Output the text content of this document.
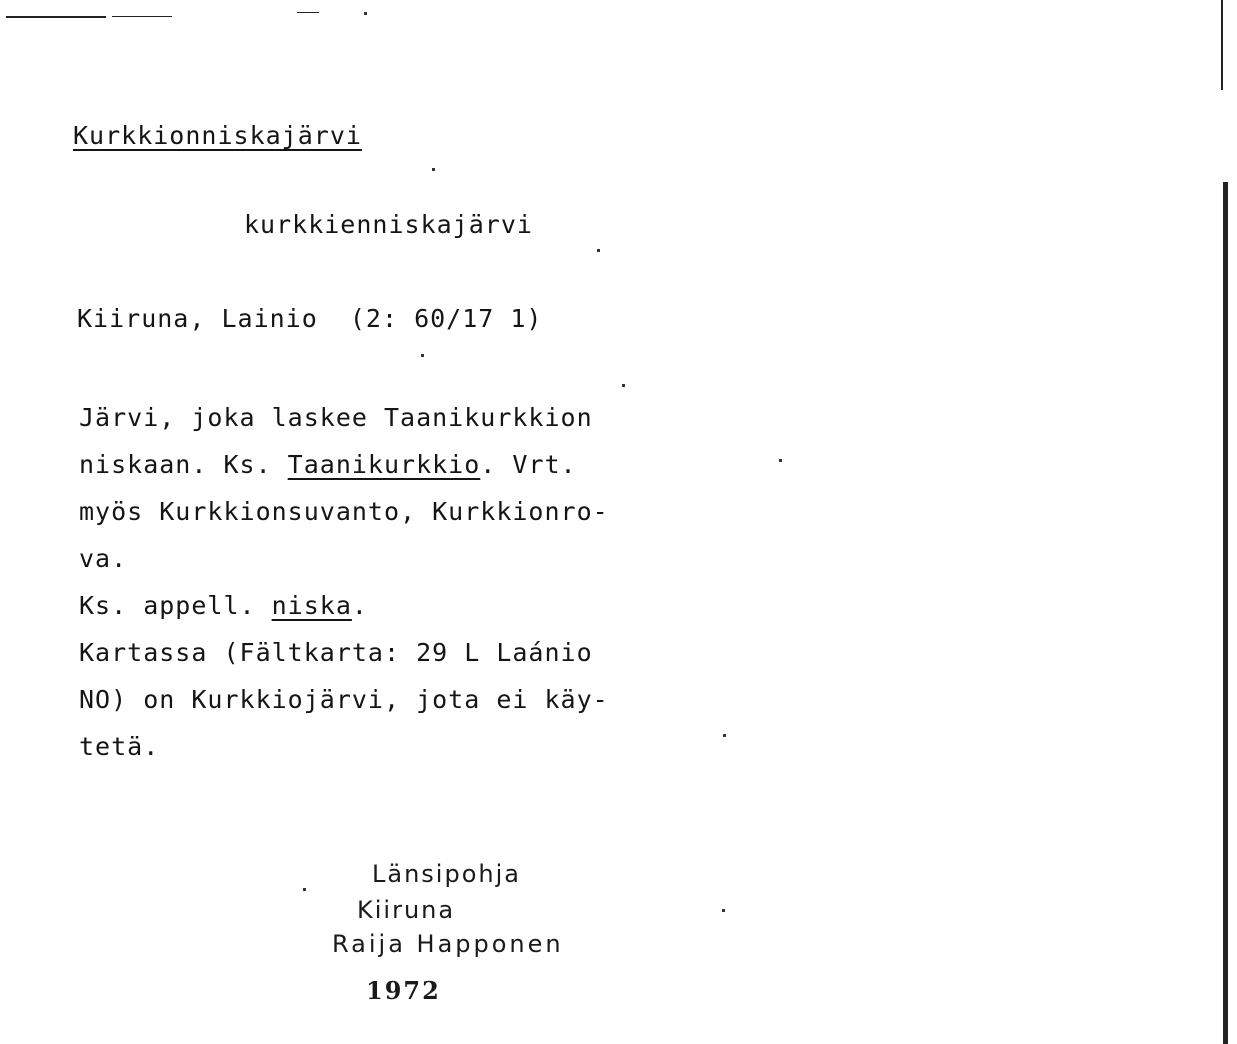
Kurkkionniskajärvi
kurkkienniskajärvi
Kiiruna, Lainio  (2: 60/17 1)
Järvi, joka laskee Taanikurkkion
niskaan. Ks. Taanikurkkio. Vrt.
myös Kurkkionsuvanto, Kurkkionro-
va.
Ks. appell. niska.
Kartassa (Fältkarta: 29 L Laánio
NO) on Kurkkiojärvi, jota ei käy-
tetä.
Länsipohja
Kiiruna
Raija Happonen
1972
